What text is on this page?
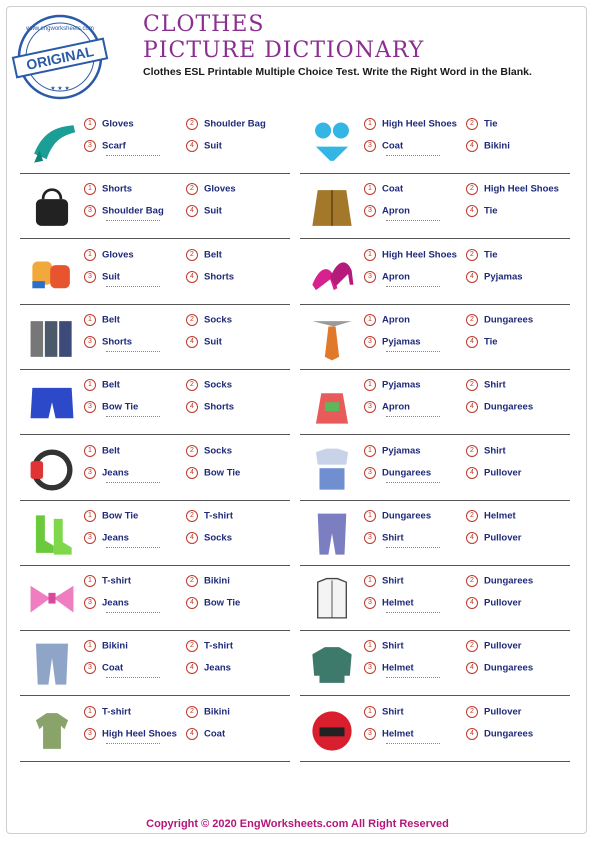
ORIGINAL
www.engworksheets.com
★ ★ ★
CLOTHES
PICTURE DICTIONARY
Clothes ESL Printable Multiple Choice Test. Write the Right Word in the Blank.
1 Gloves	2 Shoulder Bag
3 Scarf	4 Suit
1 Shorts	2 Gloves
3 Shoulder Bag	4 Suit
1 Gloves	2 Belt
3 Suit	4 Shorts
1 Belt	2 Socks
3 Shorts	4 Suit
1 Belt	2 Socks
3 Bow Tie	4 Shorts
1 Belt	2 Socks
3 Jeans	4 Bow Tie
1 Bow Tie	2 T-shirt
3 Jeans	4 Socks
1 T-shirt	2 Bikini
3 Jeans	4 Bow Tie
1 Bikini	2 T-shirt
3 Coat	4 Jeans
1 T-shirt	2 Bikini
3 High Heel Shoes	4 Coat
1 High Heel Shoes	2 Tie
3 Coat	4 Bikini
1 Coat	2 High Heel Shoes
3 Apron	4 Tie
1 High Heel Shoes	2 Tie
3 Apron	4 Pyjamas
1 Apron	2 Dungarees
3 Pyjamas	4 Tie
1 Pyjamas	2 Shirt
3 Apron	4 Dungarees
1 Pyjamas	2 Shirt
3 Dungarees	4 Pullover
1 Dungarees	2 Helmet
3 Shirt	4 Pullover
1 Shirt	2 Dungarees
3 Helmet	4 Pullover
1 Shirt	2 Pullover
3 Helmet	4 Dungarees
1 Shirt	2 Pullover
3 Helmet	4 Dungarees
Copyright © 2020 EngWorksheets.com All Right Reserved
